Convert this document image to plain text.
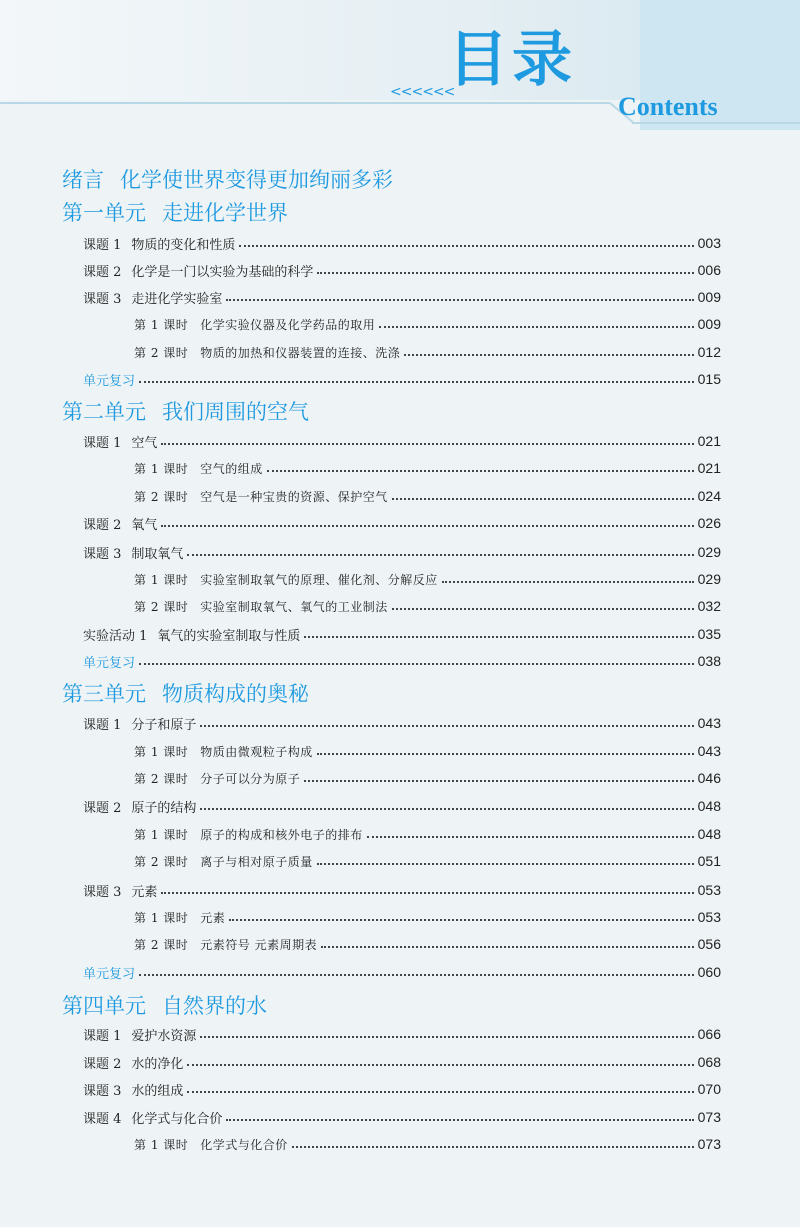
<<<<<<
目录
Contents
绪言 化学使世界变得更加绚丽多彩
第一单元 走进化学世界
第二单元 我们周围的空气
第三单元 物质构成的奥秘
第四单元 自然界的水
课题 1 物质的变化和性质	003
课题 2 化学是一门以实验为基础的科学	006
课题 3 走进化学实验室	009
第 1 课时 化学实验仪器及化学药品的取用	009
第 2 课时 物质的加热和仪器装置的连接、洗涤	012
单元复习	015
课题 1 空气	021
第 1 课时 空气的组成	021
第 2 课时 空气是一种宝贵的资源、保护空气	024
课题 2 氧气	026
课题 3 制取氧气	029
第 1 课时 实验室制取氧气的原理、催化剂、分解反应	029
第 2 课时 实验室制取氧气、氧气的工业制法	032
实验活动 1 氧气的实验室制取与性质	035
单元复习	038
课题 1 分子和原子	043
第 1 课时 物质由微观粒子构成	043
第 2 课时 分子可以分为原子	046
课题 2 原子的结构	048
第 1 课时 原子的构成和核外电子的排布	048
第 2 课时 离子与相对原子质量	051
课题 3 元素	053
第 1 课时 元素	053
第 2 课时 元素符号 元素周期表	056
单元复习	060
课题 1 爱护水资源	066
课题 2 水的净化	068
课题 3 水的组成	070
课题 4 化学式与化合价	073
第 1 课时 化学式与化合价	073
